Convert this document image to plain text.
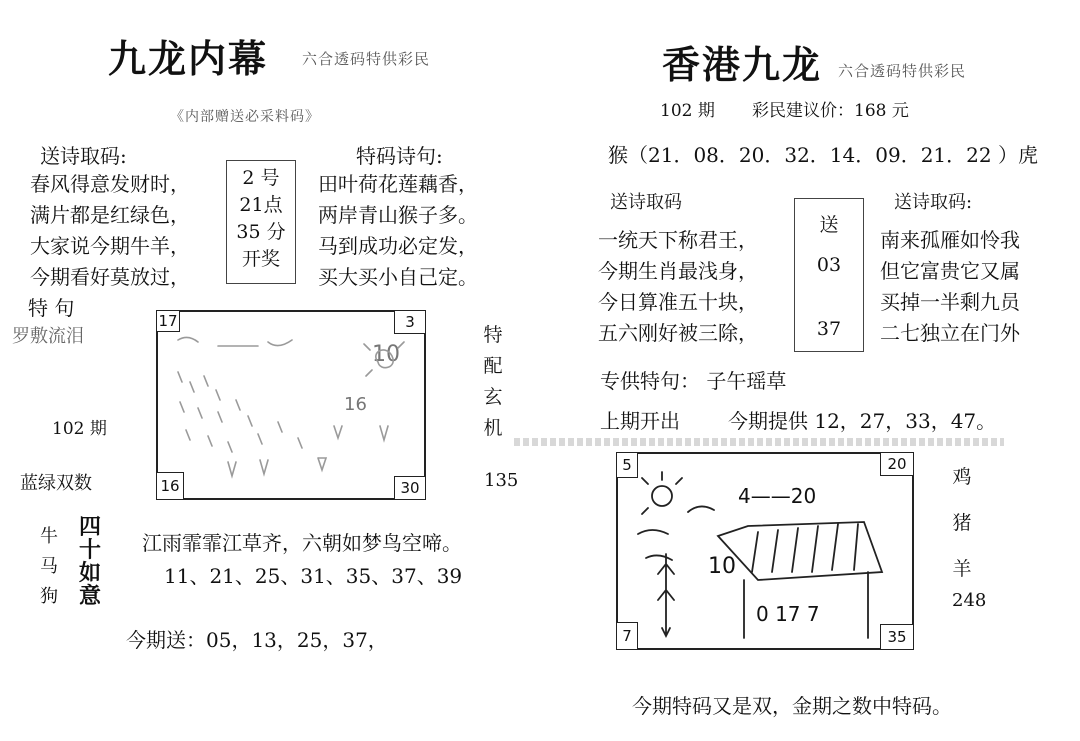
九龙内幕 六合透码特供彩民
《内部赠送必采料码》
送诗取码:
春风得意发财时，
满片都是红绿色，
大家说今期牛羊，
今期看好莫放过，
2 号
21点
35 分
开奖
特码诗句:
田叶荷花莲藕香，
两岸青山猴子多。
马到成功必定发，
买大买小自己定。
特 句
罗敷流泪
102 期
蓝绿双数
17	3
16	30
10
16
特
配
玄
机
135
牛
马
狗
四
十
如
意
江雨霏霏江草齐，六朝如梦鸟空啼。
11、21、25、31、35、37、39
今期送：05，13，25，37，
香港九龙 六合透码特供彩民
102 期 彩民建议价：168 元
猴（21．08．20．32．14．09．21．22 ）虎
送诗取码
一统天下称君王，
今期生肖最浅身，
今日算准五十块，
五六刚好被三除，
送
03
37
送诗取码:
南来孤雁如怜我
但它富贵它又属
买掉一半剩九员
二七独立在门外
专供特句： 子午瑶草
上期开出 今期提供 12，27，33，47。
5	20
7	35
4——20
10
0 17 7
鸡
猪
羊
248
今期特码又是双，金期之数中特码。
